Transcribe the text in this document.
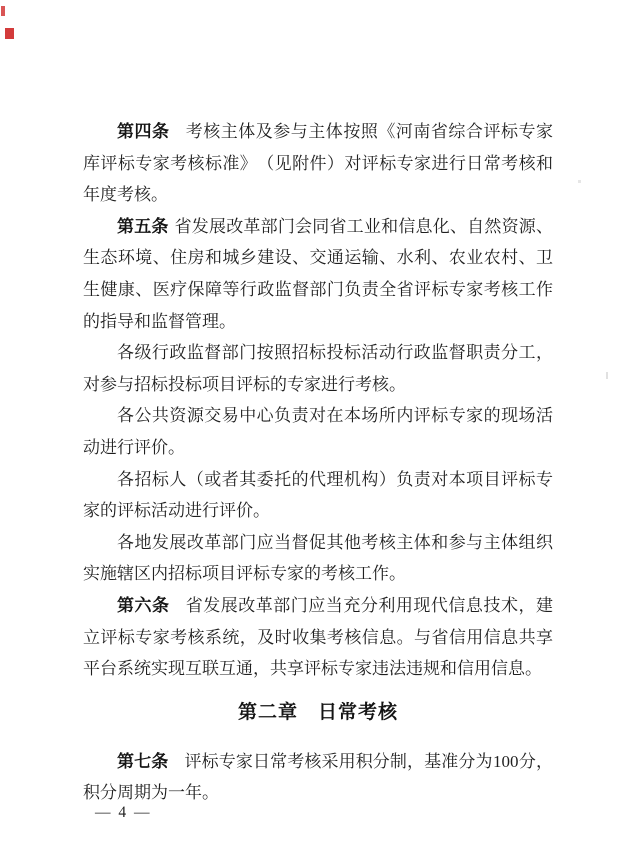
第四条 考核主体及参与主体按照《河南省综合评标专家库评标专家考核标准》（见附件）对评标专家进行日常考核和年度考核。

第五条 省发展改革部门会同省工业和信息化、自然资源、生态环境、住房和城乡建设、交通运输、水利、农业农村、卫生健康、医疗保障等行政监督部门负责全省评标专家考核工作的指导和监督管理。

各级行政监督部门按照招标投标活动行政监督职责分工，对参与招标投标项目评标的专家进行考核。

各公共资源交易中心负责对在本场所内评标专家的现场活动进行评价。

各招标人（或者其委托的代理机构）负责对本项目评标专家的评标活动进行评价。

各地发展改革部门应当督促其他考核主体和参与主体组织实施辖区内招标项目评标专家的考核工作。

第六条 省发展改革部门应当充分利用现代信息技术，建立评标专家考核系统，及时收集考核信息。与省信用信息共享平台系统实现互联互通，共享评标专家违法违规和信用信息。

第二章　日常考核

第七条 评标专家日常考核采用积分制，基准分为 100 分，积分周期为一年。

— 4 —
